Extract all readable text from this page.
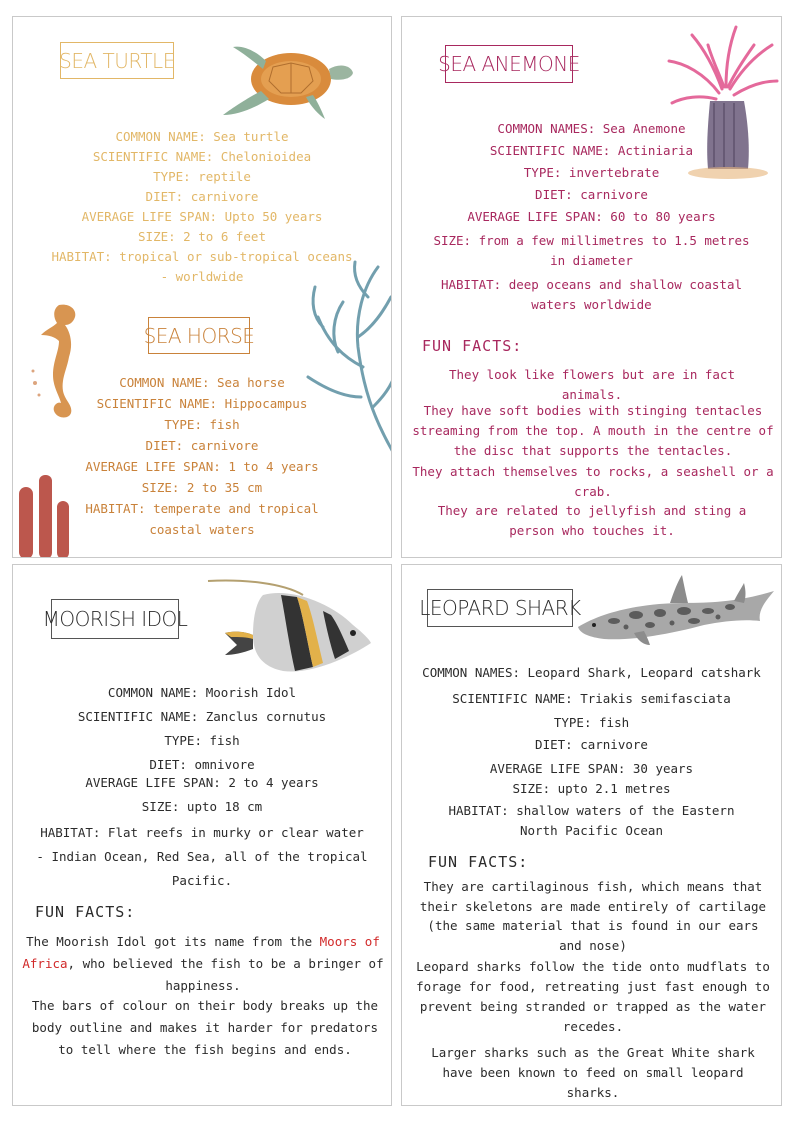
SEA TURTLE
COMMON NAME: Sea turtle
SCIENTIFIC NAME: Chelonioidea
TYPE: reptile
DIET: carnivore
AVERAGE LIFE SPAN: Upto 50 years
SIZE: 2 to 6 feet
HABITAT: tropical or sub-tropical oceans
- worldwide
SEA HORSE
COMMON NAME: Sea horse
SCIENTIFIC NAME: Hippocampus
TYPE: fish
DIET: carnivore
AVERAGE LIFE SPAN: 1 to 4 years
SIZE: 2 to 35 cm
HABITAT: temperate and tropical
coastal waters
SEA ANEMONE
COMMON NAMES: Sea Anemone
SCIENTIFIC NAME: Actiniaria
TYPE: invertebrate
DIET: carnivore
AVERAGE LIFE SPAN: 60 to 80 years
SIZE: from a few millimetres to 1.5 metres
in diameter
HABITAT: deep oceans and shallow coastal
waters worldwide
FUN FACTS:
They look like flowers but are in fact animals.
They have soft bodies with stinging tentacles streaming from the top. A mouth in the centre of the disc that supports the tentacles.
They attach themselves to rocks, a seashell or a crab.
They are related to jellyfish and sting a person who touches it.
MOORISH IDOL
COMMON NAME: Moorish Idol
SCIENTIFIC NAME: Zanclus cornutus
TYPE: fish
DIET: omnivore
AVERAGE LIFE SPAN: 2 to 4 years
SIZE: upto 18 cm
HABITAT: Flat reefs in murky or clear water
- Indian Ocean, Red Sea, all of the tropical
Pacific.
FUN FACTS:
The Moorish Idol got its name from the Moors of Africa, who believed the fish to be a bringer of happiness.
The bars of colour on their body breaks up the body outline and makes it harder for predators to tell where the fish begins and ends.
LEOPARD SHARK
COMMON NAMES: Leopard Shark, Leopard catshark
SCIENTIFIC NAME: Triakis semifasciata
TYPE: fish
DIET: carnivore
AVERAGE LIFE SPAN: 30 years
SIZE: upto 2.1 metres
HABITAT: shallow waters of the Eastern
North Pacific Ocean
FUN FACTS:
They are cartilaginous fish, which means that their skeletons are made entirely of cartilage (the same material that is found in our ears and nose)
Leopard sharks follow the tide onto mudflats to forage for food, retreating just fast enough to prevent being stranded or trapped as the water recedes.
Larger sharks such as the Great White shark have been known to feed on small leopard sharks.
